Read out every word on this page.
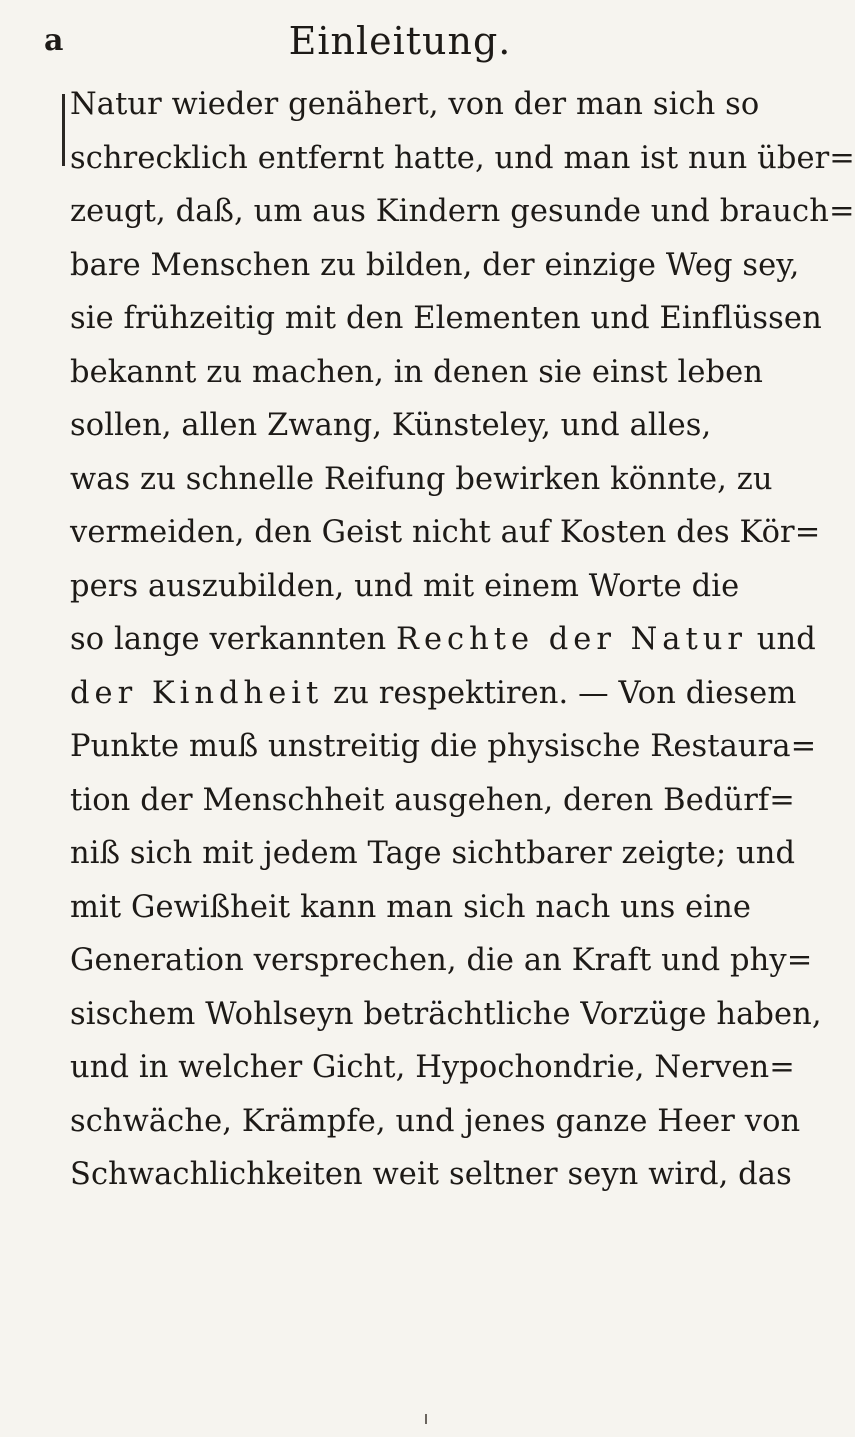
a	Einleitung.
Natur wieder genähert, von der man sich so
schrecklich entfernt hatte, und man ist nun über=
zeugt, daß, um aus Kindern gesunde und brauch=
bare Menschen zu bilden, der einzige Weg sey,
sie frühzeitig mit den Elementen und Einflüssen
bekannt zu machen, in denen sie einst leben
sollen, allen Zwang, Künsteley, und alles,
was zu schnelle Reifung bewirken könnte, zu
vermeiden, den Geist nicht auf Kosten des Kör=
pers auszubilden, und mit einem Worte die
so lange verkannten Rechte der Natur und
der Kindheit zu respektiren. — Von diesem
Punkte muß unstreitig die physische Restaura=
tion der Menschheit ausgehen, deren Bedürf=
niß sich mit jedem Tage sichtbarer zeigte; und
mit Gewißheit kann man sich nach uns eine
Generation versprechen, die an Kraft und phy=
sischem Wohlseyn beträchtliche Vorzüge haben,
und in welcher Gicht, Hypochondrie, Nerven=
schwäche, Krämpfe, und jenes ganze Heer von
Schwachlichkeiten weit seltner seyn wird, das
